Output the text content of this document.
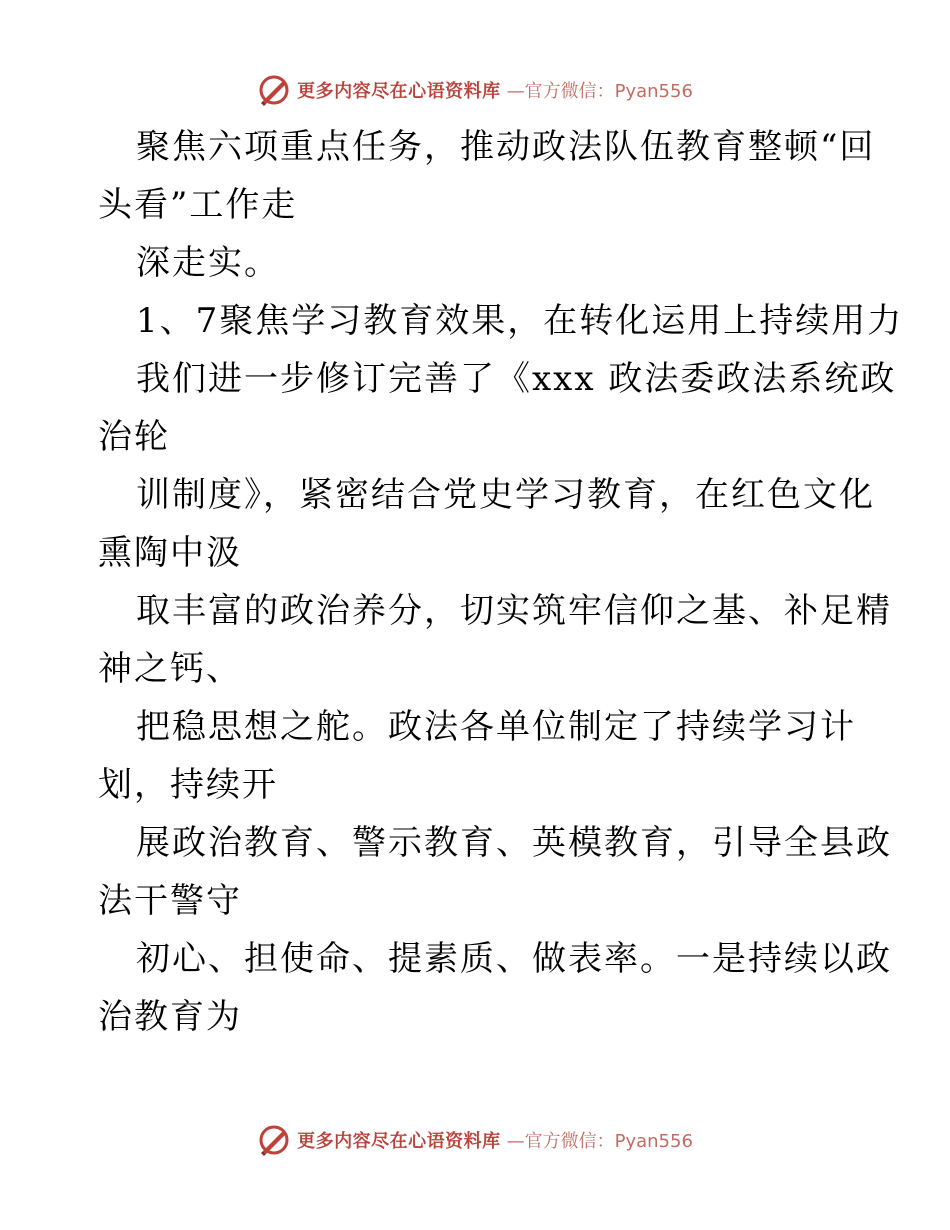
更多内容尽在心语资料库 —官方微信：Pyan556
聚焦六项重点任务，推动政法队伍教育整顿“回
头看”工作走
深走实。
1、7聚焦学习教育效果，在转化运用上持续用力
我们进一步修订完善了《xxx 政法委政法系统政
治轮
训制度》，紧密结合党史学习教育，在红色文化
熏陶中汲
取丰富的政治养分，切实筑牢信仰之基、补足精
神之钙、
把稳思想之舵。政法各单位制定了持续学习计
划，持续开
展政治教育、警示教育、英模教育，引导全县政
法干警守
初心、担使命、提素质、做表率。一是持续以政
治教育为
更多内容尽在心语资料库 —官方微信：Pyan556
